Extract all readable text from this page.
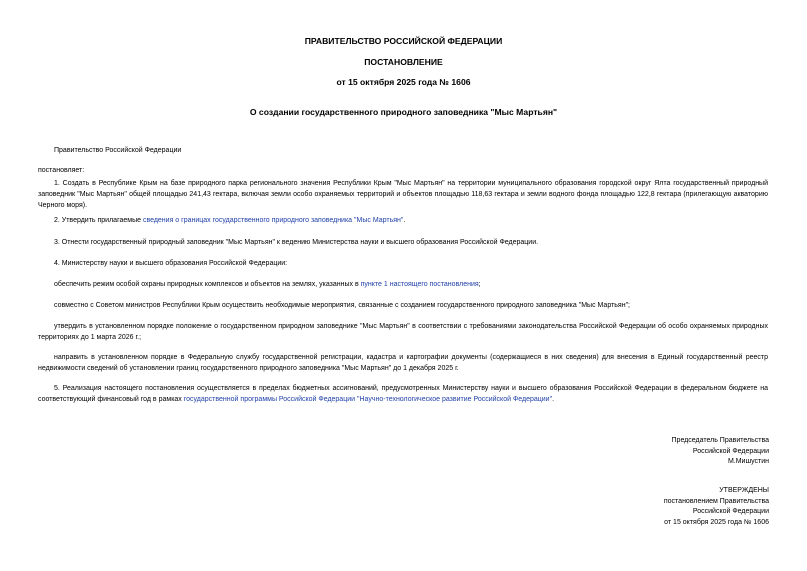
ПРАВИТЕЛЬСТВО РОССИЙСКОЙ ФЕДЕРАЦИИ
ПОСТАНОВЛЕНИЕ
от 15 октября 2025 года № 1606
О создании государственного природного заповедника "Мыс Мартьян"
Правительство Российской Федерации
постановляет:
1. Создать в Республике Крым на базе природного парка регионального значения Республики Крым "Мыс Мартьян" на территории муниципального образования городской округ Ялта государственный природный заповедник "Мыс Мартьян" общей площадью 241,43 гектара, включая земли особо охраняемых территорий и объектов площадью 118,63 гектара и земли водного фонда площадью 122,8 гектара (прилегающую акваторию Черного моря).
2. Утвердить прилагаемые сведения о границах государственного природного заповедника "Мыс Мартьян".
3. Отнести государственный природный заповедник "Мыс Мартьян" к ведению Министерства науки и высшего образования Российской Федерации.
4. Министерству науки и высшего образования Российской Федерации:
обеспечить режим особой охраны природных комплексов и объектов на землях, указанных в пункте 1 настоящего постановления;
совместно с Советом министров Республики Крым осуществить необходимые мероприятия, связанные с созданием государственного природного заповедника "Мыс Мартьян";
утвердить в установленном порядке положение о государственном природном заповеднике "Мыс Мартьян" в соответствии с требованиями законодательства Российской Федерации об особо охраняемых природных территориях до 1 марта 2026 г.;
направить в установленном порядке в Федеральную службу государственной регистрации, кадастра и картографии документы (содержащиеся в них сведения) для внесения в Единый государственный реестр недвижимости сведений об установлении границ государственного природного заповедника "Мыс Мартьян" до 1 декабря 2025 г.
5. Реализация настоящего постановления осуществляется в пределах бюджетных ассигнований, предусмотренных Министерству науки и высшего образования Российской Федерации в федеральном бюджете на соответствующий финансовый год в рамках государственной программы Российской Федерации "Научно-технологическое развитие Российской Федерации".
Председатель Правительства
Российской Федерации
М.Мишустин
УТВЕРЖДЕНЫ
постановлением Правительства
Российской Федерации
от 15 октября 2025 года № 1606
